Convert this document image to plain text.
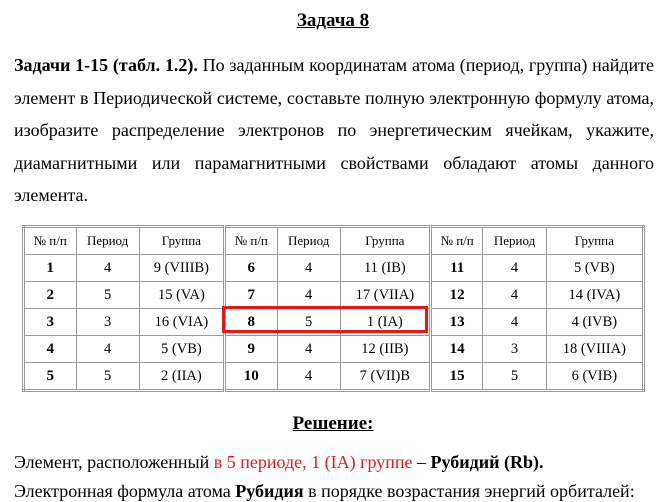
Задача 8
Задачи 1-15 (табл. 1.2). По заданным координатам атома (период, группа) найдите элемент в Периодической системе, составьте полную электронную формулу атома, изобразите распределение электронов по энергетическим ячейкам, укажите, диамагнитными или парамагнитными свойствами обладают атомы данного элемента.
№ п/п	Период	Группа	№ п/п	Период	Группа	№ п/п	Период	Группа
1	4	9 (VIIIB)	6	4	11 (IB)	11	4	5 (VB)
2	5	15 (VA)	7	4	17 (VIIA)	12	4	14 (IVA)
3	3	16 (VIA)	8	5	1 (IA)	13	4	4 (IVB)
4	4	5 (VB)	9	4	12 (IIB)	14	3	18 (VIIIA)
5	5	2 (IIA)	10	4	7 (VII)B	15	5	6 (VIB)
Решение:
Элемент, расположенный в 5 периоде, 1 (IA) группе – Рубидий (Rb).
Электронная формула атома Рубидия в порядке возрастания энергий орбиталей:
